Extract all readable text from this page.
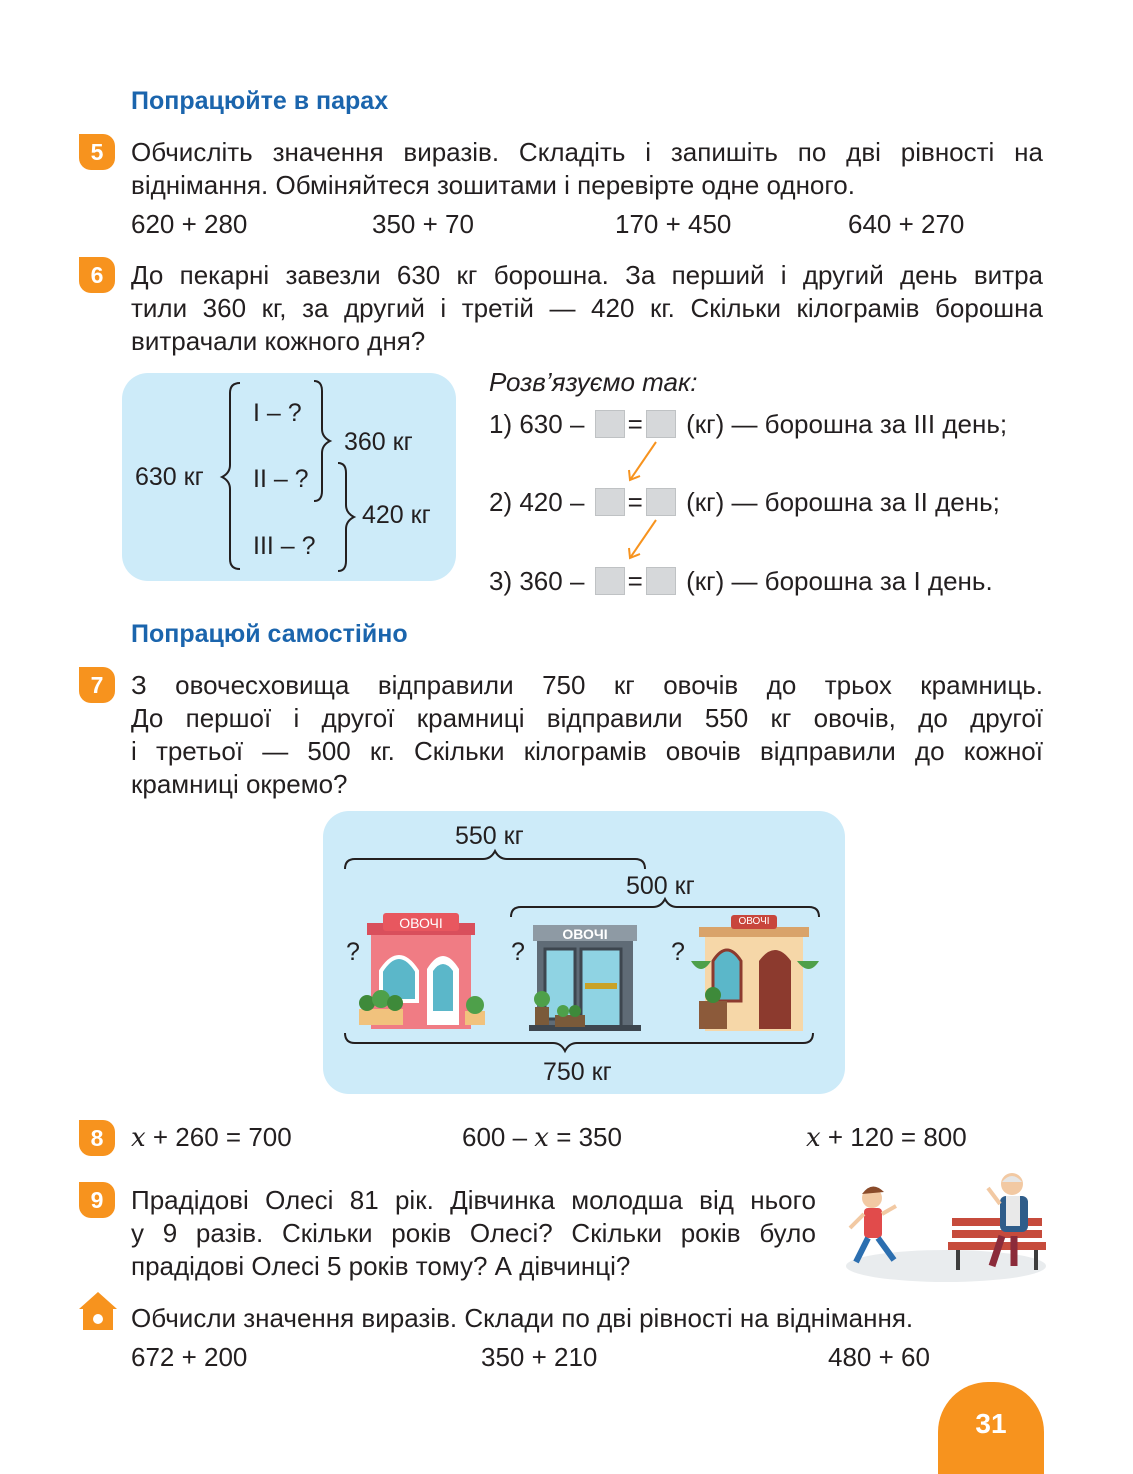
Попрацюйте в парах
5	Обчисліть значення виразів. Складіть і запишіть по дві рівності на
віднімання. Обміняйтеся зошитами і перевірте одне одного.
620 + 280	350 + 70	170 + 450	640 + 270
6	До пекарні завезли 630 кг борошна. За перший і другий день витра
тили 360 кг, за другий і третій — 420 кг. Скільки кілограмів борошна
витрачали кожного дня?
630 кг
I – ?
II – ?
III – ?
360 кг
420 кг
Розв’язуємо так:
1) 630 – = (кг) — борошна за III день;
2) 420 – = (кг) — борошна за II день;
3) 360 – = (кг) — борошна за I день.
Попрацюй самостійно
7	З овочесховища відправили 750 кг овочів до трьох крамниць.
До першої і другої крамниці відправили 550 кг овочів, до другої
і третьої — 500 кг. Скільки кілограмів овочів відправили до кожної
крамниці окремо?
550 кг
500 кг
750 кг
?	?	?
ОВОЧІ
ОВОЧІ
ОВОЧІ
8	x + 260 = 700	600 – x = 350	x + 120 = 800
9	Прадідові Олесі 81 рік. Дівчинка молодша від нього
у 9 разів. Скільки років Олесі? Скільки років було
прадідові Олесі 5 років тому? А дівчинці?
Обчисли значення виразів. Склади по дві рівності на віднімання.
672 + 200	350 + 210	480 + 60
31
